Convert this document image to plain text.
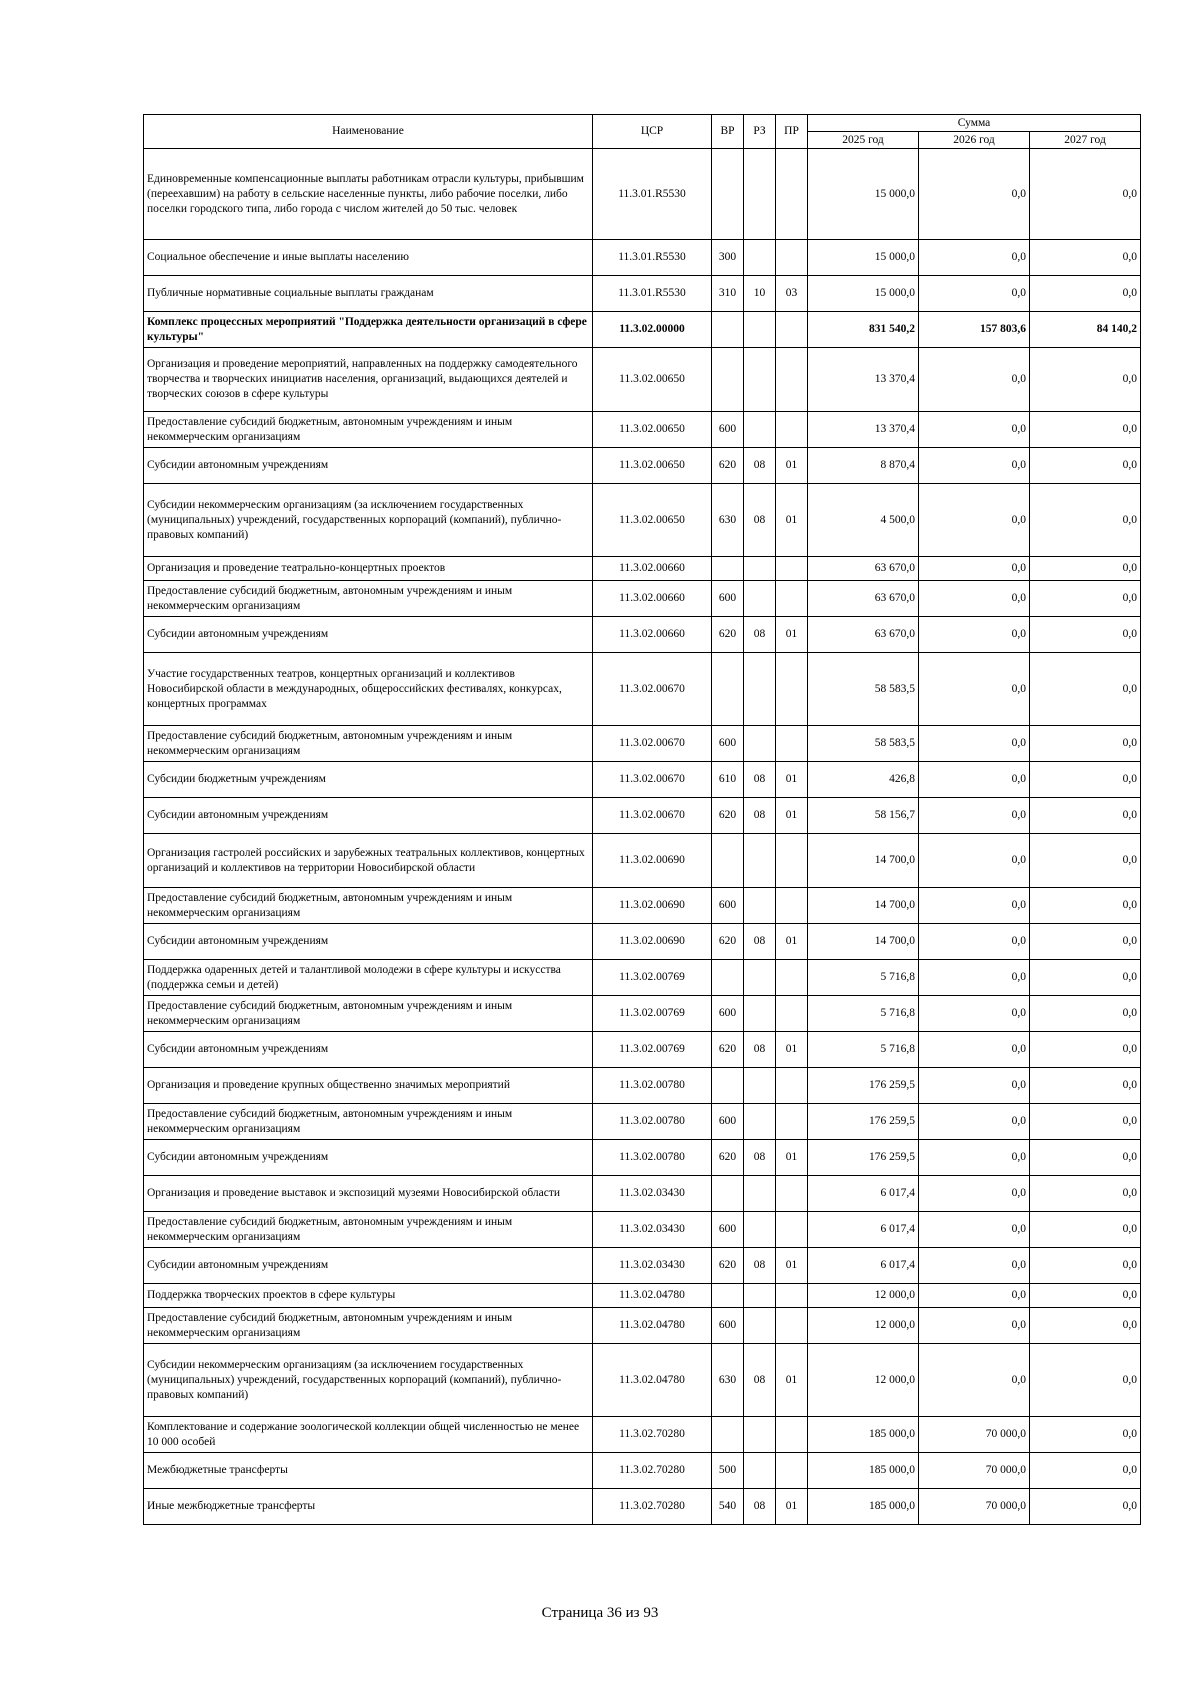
Наименование	ЦСР	ВР	РЗ	ПР	Сумма		
					2025 год	2026 год	2027 год
Единовременные компенсационные выплаты работникам отрасли культуры, прибывшим (переехавшим) на работу в сельские населенные пункты, либо рабочие поселки, либо поселки городского типа, либо города с числом жителей до 50 тыс. человек	11.3.01.R5530				15 000,0	0,0	0,0
Социальное обеспечение и иные выплаты населению	11.3.01.R5530	300			15 000,0	0,0	0,0
Публичные нормативные социальные выплаты гражданам	11.3.01.R5530	310	10	03	15 000,0	0,0	0,0
Комплекс процессных мероприятий "Поддержка деятельности организаций в сфере культуры"	11.3.02.00000				831 540,2	157 803,6	84 140,2
Организация и проведение мероприятий, направленных на поддержку самодеятельного творчества и творческих инициатив населения, организаций, выдающихся деятелей и творческих союзов в сфере культуры	11.3.02.00650				13 370,4	0,0	0,0
Предоставление субсидий бюджетным, автономным учреждениям и иным некоммерческим организациям	11.3.02.00650	600			13 370,4	0,0	0,0
Субсидии автономным учреждениям	11.3.02.00650	620	08	01	8 870,4	0,0	0,0
Субсидии некоммерческим организациям (за исключением государственных (муниципальных) учреждений, государственных корпораций (компаний), публично-правовых компаний)	11.3.02.00650	630	08	01	4 500,0	0,0	0,0
Организация и проведение театрально-концертных проектов	11.3.02.00660				63 670,0	0,0	0,0
Предоставление субсидий бюджетным, автономным учреждениям и иным некоммерческим организациям	11.3.02.00660	600			63 670,0	0,0	0,0
Субсидии автономным учреждениям	11.3.02.00660	620	08	01	63 670,0	0,0	0,0
Участие государственных театров, концертных организаций и коллективов Новосибирской области в международных, общероссийских фестивалях, конкурсах, концертных программах	11.3.02.00670				58 583,5	0,0	0,0
Предоставление субсидий бюджетным, автономным учреждениям и иным некоммерческим организациям	11.3.02.00670	600			58 583,5	0,0	0,0
Субсидии бюджетным учреждениям	11.3.02.00670	610	08	01	426,8	0,0	0,0
Субсидии автономным учреждениям	11.3.02.00670	620	08	01	58 156,7	0,0	0,0
Организация гастролей российских и зарубежных театральных коллективов, концертных организаций и коллективов на территории Новосибирской области	11.3.02.00690				14 700,0	0,0	0,0
Предоставление субсидий бюджетным, автономным учреждениям и иным некоммерческим организациям	11.3.02.00690	600			14 700,0	0,0	0,0
Субсидии автономным учреждениям	11.3.02.00690	620	08	01	14 700,0	0,0	0,0
Поддержка одаренных детей и талантливой молодежи в сфере культуры и искусства (поддержка семьи и детей)	11.3.02.00769				5 716,8	0,0	0,0
Предоставление субсидий бюджетным, автономным учреждениям и иным некоммерческим организациям	11.3.02.00769	600			5 716,8	0,0	0,0
Субсидии автономным учреждениям	11.3.02.00769	620	08	01	5 716,8	0,0	0,0
Организация и проведение крупных общественно значимых мероприятий	11.3.02.00780				176 259,5	0,0	0,0
Предоставление субсидий бюджетным, автономным учреждениям и иным некоммерческим организациям	11.3.02.00780	600			176 259,5	0,0	0,0
Субсидии автономным учреждениям	11.3.02.00780	620	08	01	176 259,5	0,0	0,0
Организация и проведение выставок и экспозиций музеями Новосибирской области	11.3.02.03430				6 017,4	0,0	0,0
Предоставление субсидий бюджетным, автономным учреждениям и иным некоммерческим организациям	11.3.02.03430	600			6 017,4	0,0	0,0
Субсидии автономным учреждениям	11.3.02.03430	620	08	01	6 017,4	0,0	0,0
Поддержка творческих проектов в сфере культуры	11.3.02.04780				12 000,0	0,0	0,0
Предоставление субсидий бюджетным, автономным учреждениям и иным некоммерческим организациям	11.3.02.04780	600			12 000,0	0,0	0,0
Субсидии некоммерческим организациям (за исключением государственных (муниципальных) учреждений, государственных корпораций (компаний), публично-правовых компаний)	11.3.02.04780	630	08	01	12 000,0	0,0	0,0
Комплектование и содержание зоологической коллекции общей численностью не менее 10 000 особей	11.3.02.70280				185 000,0	70 000,0	0,0
Межбюджетные трансферты	11.3.02.70280	500			185 000,0	70 000,0	0,0
Иные межбюджетные трансферты	11.3.02.70280	540	08	01	185 000,0	70 000,0	0,0
Страница 36 из 93
